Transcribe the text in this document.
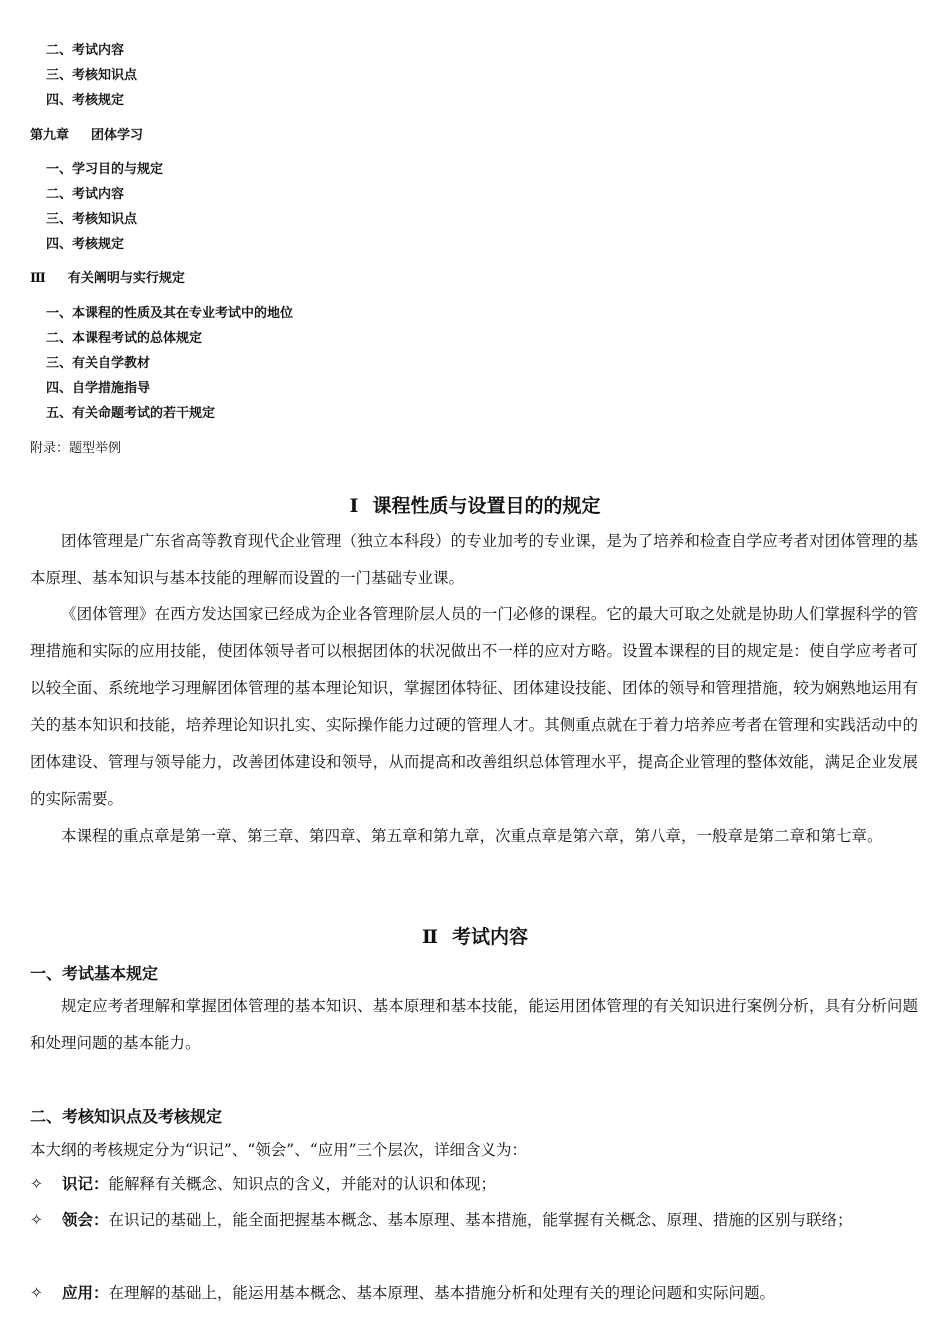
二、考试内容
三、考核知识点
四、考核规定
第九章 团体学习
一、学习目的与规定
二、考试内容
三、考核知识点
四、考核规定
Ⅲ 有关阐明与实行规定
一、本课程的性质及其在专业考试中的地位
二、本课程考试的总体规定
三、有关自学教材
四、自学措施指导
五、有关命题考试的若干规定
附录：题型举例
Ⅰ 课程性质与设置目的的规定

团体管理是广东省高等教育现代企业管理（独立本科段）的专业加考的专业课，是为了培养和检查自学应考者对团体管理的基本原理、基本知识与基本技能的理解而设置的一门基础专业课。

《团体管理》在西方发达国家已经成为企业各管理阶层人员的一门必修的课程。它的最大可取之处就是协助人们掌握科学的管理措施和实际的应用技能，使团体领导者可以根据团体的状况做出不一样的应对方略。设置本课程的目的规定是：使自学应考者可以较全面、系统地学习理解团体管理的基本理论知识，掌握团体特征、团体建设技能、团体的领导和管理措施，较为娴熟地运用有关的基本知识和技能，培养理论知识扎实、实际操作能力过硬的管理人才。其侧重点就在于着力培养应考者在管理和实践活动中的团体建设、管理与领导能力，改善团体建设和领导，从而提高和改善组织总体管理水平，提高企业管理的整体效能，满足企业发展的实际需要。

本课程的重点章是第一章、第三章、第四章、第五章和第九章，次重点章是第六章，第八章，一般章是第二章和第七章。

Ⅱ 考试内容
一、考试基本规定

规定应考者理解和掌握团体管理的基本知识、基本原理和基本技能，能运用团体管理的有关知识进行案例分析，具有分析问题和处理问题的基本能力。

二、考核知识点及考核规定
本大纲的考核规定分为“识记”、“领会”、“应用”三个层次，详细含义为：
✧ 识记：能解释有关概念、知识点的含义，并能对的认识和体现；
✧ 领会：在识记的基础上，能全面把握基本概念、基本原理、基本措施，能掌握有关概念、原理、措施的区别与联络；
✧ 应用：在理解的基础上，能运用基本概念、基本原理、基本措施分析和处理有关的理论问题和实际问题。
